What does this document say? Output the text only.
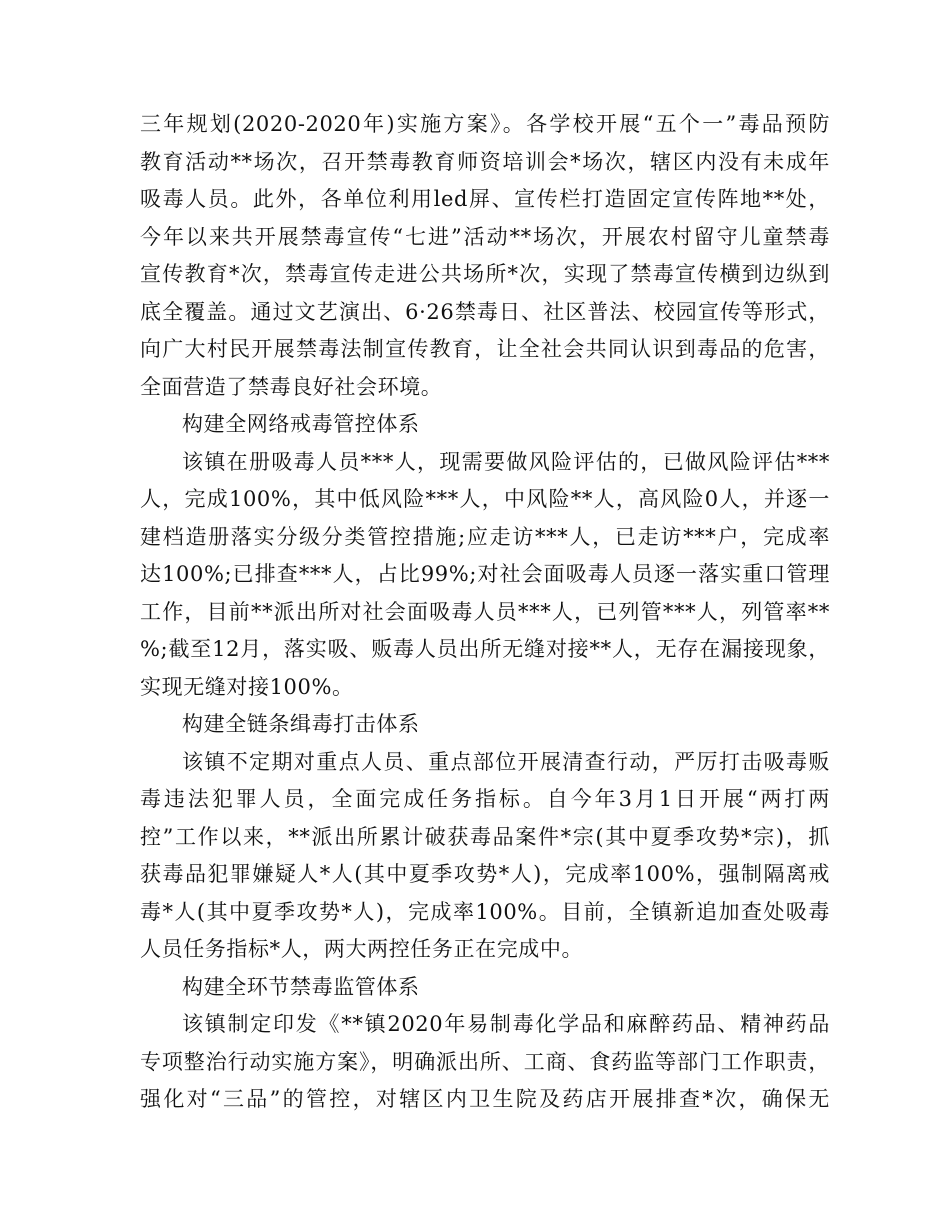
三年规划(2020-2020年)实施方案》。各学校开展“五个一”毒品预防
教育活动**场次，召开禁毒教育师资培训会*场次，辖区内没有未成年
吸毒人员。此外，各单位利用led屏、宣传栏打造固定宣传阵地**处，
今年以来共开展禁毒宣传“七进”活动**场次，开展农村留守儿童禁毒
宣传教育*次，禁毒宣传走进公共场所*次，实现了禁毒宣传横到边纵到
底全覆盖。通过文艺演出、6·26禁毒日、社区普法、校园宣传等形式，
向广大村民开展禁毒法制宣传教育，让全社会共同认识到毒品的危害，
全面营造了禁毒良好社会环境。
构建全网络戒毒管控体系
该镇在册吸毒人员***人，现需要做风险评估的，已做风险评估***
人，完成100%，其中低风险***人，中风险**人，高风险0人，并逐一
建档造册落实分级分类管控措施;应走访***人，已走访***户，完成率
达100%;已排查***人，占比99%;对社会面吸毒人员逐一落实重口管理
工作，目前**派出所对社会面吸毒人员***人，已列管***人，列管率**
%;截至12月，落实吸、贩毒人员出所无缝对接**人，无存在漏接现象，
实现无缝对接100%。
构建全链条缉毒打击体系
该镇不定期对重点人员、重点部位开展清查行动，严厉打击吸毒贩
毒违法犯罪人员，全面完成任务指标。自今年3月1日开展“两打两
控”工作以来，**派出所累计破获毒品案件*宗(其中夏季攻势*宗)，抓
获毒品犯罪嫌疑人*人(其中夏季攻势*人)，完成率100%，强制隔离戒
毒*人(其中夏季攻势*人)，完成率100%。目前，全镇新追加查处吸毒
人员任务指标*人，两大两控任务正在完成中。
构建全环节禁毒监管体系
该镇制定印发《**镇2020年易制毒化学品和麻醉药品、精神药品
专项整治行动实施方案》，明确派出所、工商、食药监等部门工作职责，
强化对“三品”的管控，对辖区内卫生院及药店开展排查*次，确保无
